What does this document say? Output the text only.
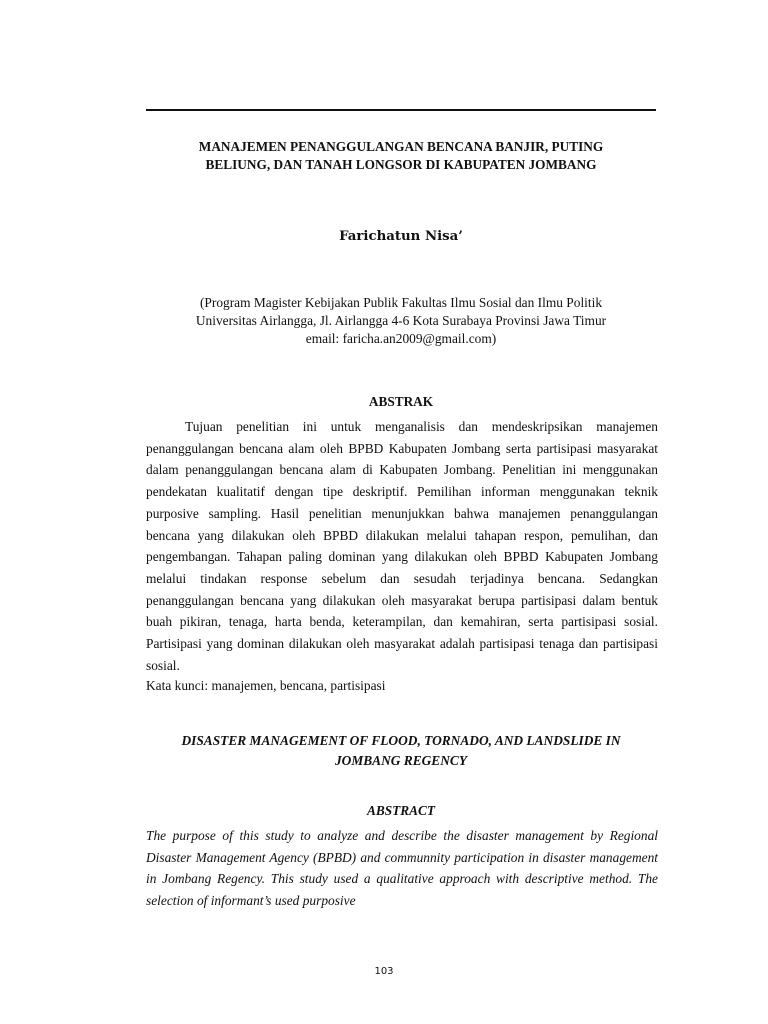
MANAJEMEN PENANGGULANGAN BENCANA BANJIR, PUTING
BELIUNG, DAN TANAH LONGSOR DI KABUPATEN JOMBANG
Farichatun Nisa’
(Program Magister Kebijakan Publik Fakultas Ilmu Sosial dan Ilmu Politik
Universitas Airlangga, Jl. Airlangga 4-6 Kota Surabaya Provinsi Jawa Timur
email: faricha.an2009@gmail.com)
ABSTRAK

Tujuan penelitian ini untuk menganalisis dan mendeskripsikan manajemen penanggulangan bencana alam oleh BPBD Kabupaten Jombang serta partisipasi masyarakat dalam penanggulangan bencana alam di Kabupaten Jombang. Penelitian ini menggunakan pendekatan kualitatif dengan tipe deskriptif. Pemilihan informan menggunakan teknik purposive sampling. Hasil penelitian menunjukkan bahwa manajemen penanggulangan bencana yang dilakukan oleh BPBD dilakukan melalui tahapan respon, pemulihan, dan pengembangan. Tahapan paling dominan yang dilakukan oleh BPBD Kabupaten Jombang melalui tindakan response sebelum dan sesudah terjadinya bencana. Sedangkan penanggulangan bencana yang dilakukan oleh masyarakat berupa partisipasi dalam bentuk buah pikiran, tenaga, harta benda, keterampilan, dan kemahiran, serta partisipasi sosial. Partisipasi yang dominan dilakukan oleh masyarakat adalah partisipasi tenaga dan partisipasi sosial.

Kata kunci: manajemen, bencana, partisipasi
DISASTER MANAGEMENT OF FLOOD, TORNADO, AND LANDSLIDE IN
JOMBANG REGENCY
ABSTRACT

The purpose of this study to analyze and describe the disaster management by Regional Disaster Management Agency (BPBD) and communnity participation in disaster management in Jombang Regency. This study used a qualitative approach with descriptive method. The selection of informant’s used purposive

103
